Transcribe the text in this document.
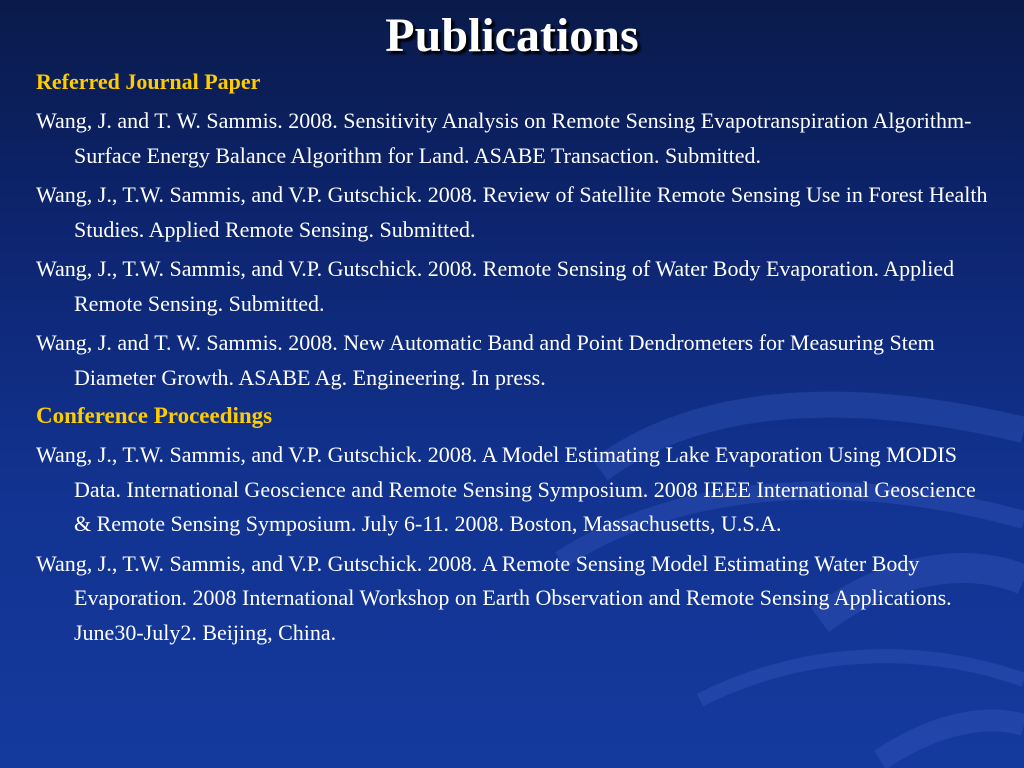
Publications
Referred Journal Paper

Wang, J. and T. W. Sammis. 2008. Sensitivity Analysis on Remote Sensing Evapotranspiration Algorithm-Surface Energy Balance Algorithm for Land. ASABE Transaction. Submitted.

Wang, J., T.W. Sammis, and V.P. Gutschick. 2008. Review of Satellite Remote Sensing Use in Forest Health Studies. Applied Remote Sensing. Submitted.

Wang, J., T.W. Sammis, and V.P. Gutschick. 2008. Remote Sensing of Water Body Evaporation. Applied Remote Sensing. Submitted.

Wang, J. and T. W. Sammis. 2008. New Automatic Band and Point Dendrometers for Measuring Stem Diameter Growth. ASABE Ag. Engineering. In press.

Conference Proceedings

Wang, J., T.W. Sammis, and V.P. Gutschick. 2008. A Model Estimating Lake Evaporation Using MODIS Data. International Geoscience and Remote Sensing Symposium. 2008 IEEE International Geoscience & Remote Sensing Symposium. July 6-11. 2008. Boston, Massachusetts, U.S.A.

Wang, J., T.W. Sammis, and V.P. Gutschick. 2008. A Remote Sensing Model Estimating Water Body Evaporation. 2008 International Workshop on Earth Observation and Remote Sensing Applications. June30-July2. Beijing, China.
